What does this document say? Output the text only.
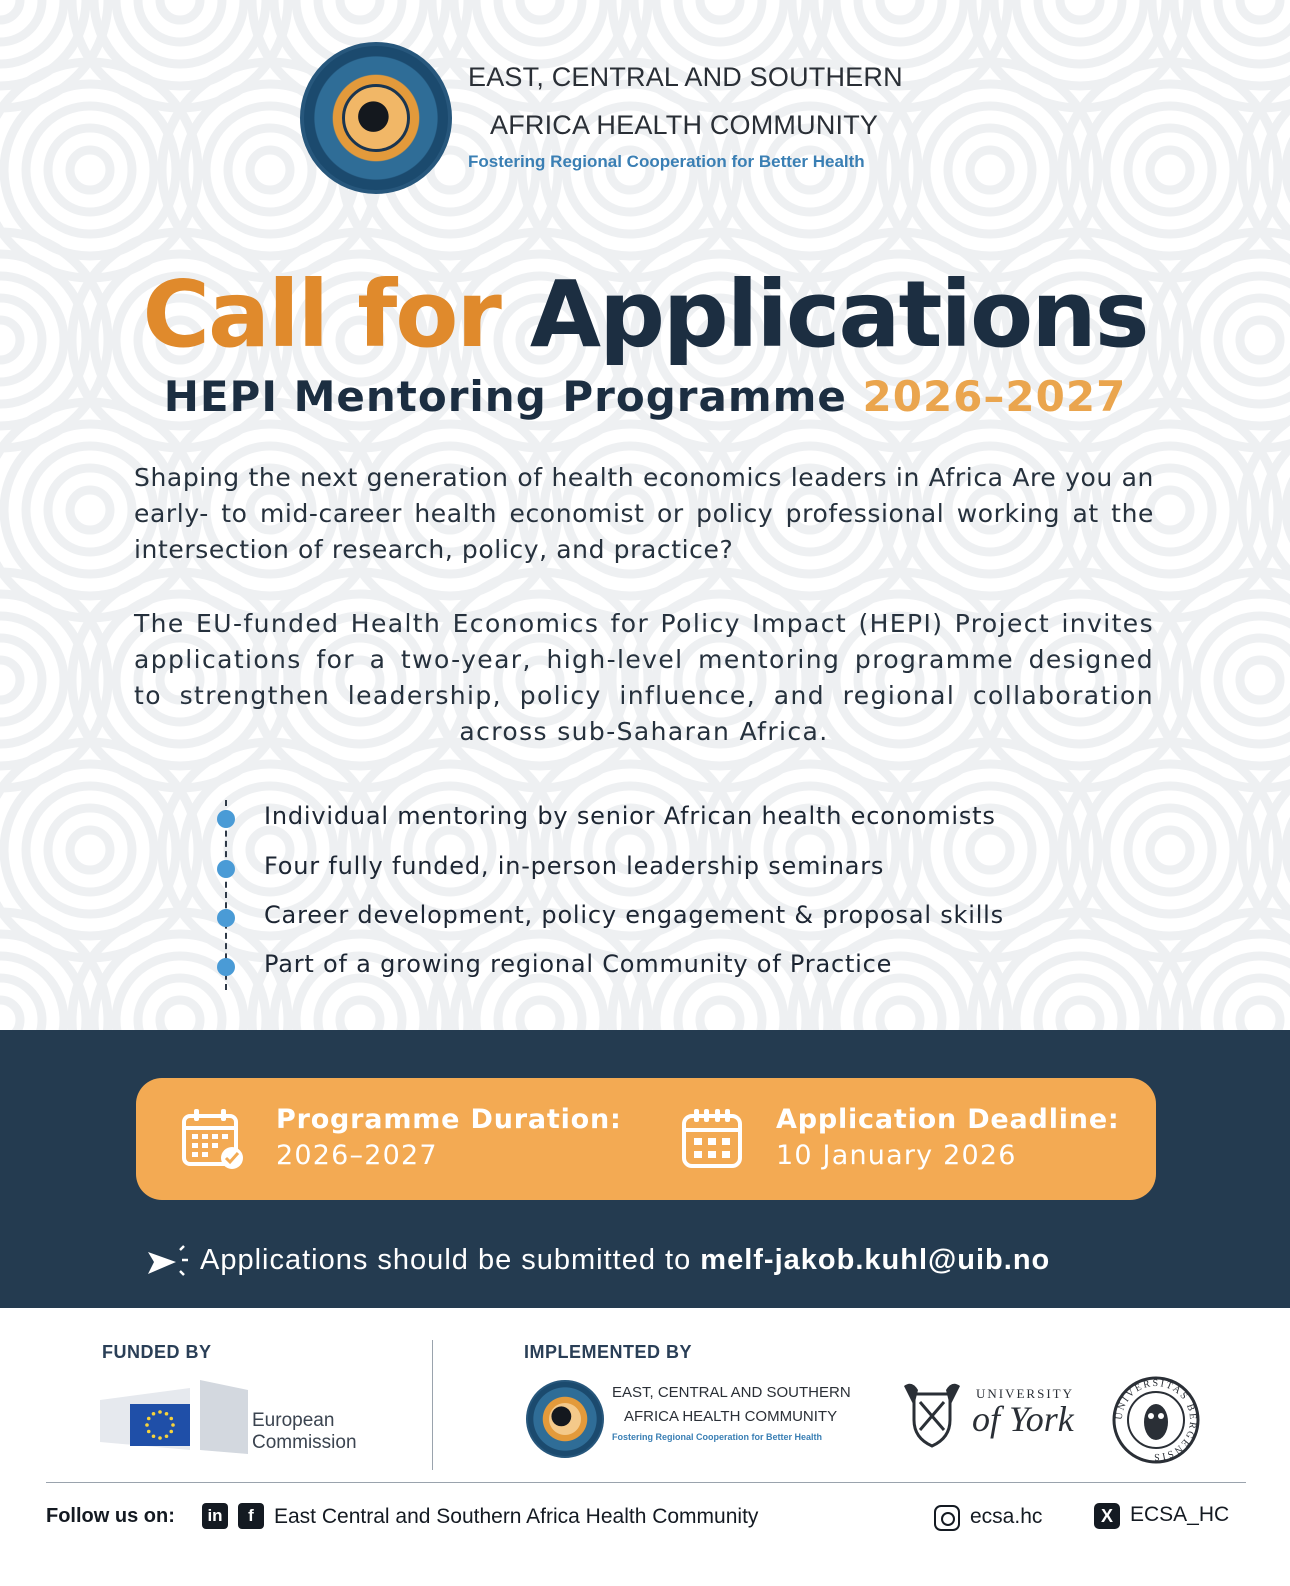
●
EAST, CENTRAL AND SOUTHERN
AFRICA HEALTH COMMUNITY
Fostering Regional Cooperation for Better Health
Call for Applications
HEPI Mentoring Programme 2026–2027

Shaping the next generation of health economics leaders in Africa Are you an early- to mid-career health economist or policy professional working at the intersection of research, policy, and practice?

The EU-funded Health Economics for Policy Impact (HEPI) Project invites applications for a two-year, high-level mentoring programme designed to strengthen leadership, policy influence, and regional collaboration across sub-Saharan Africa.

Individual mentoring by senior African health economists
Four fully funded, in-person leadership seminars
Career development, policy engagement & proposal skills
Part of a growing regional Community of Practice
Programme Duration:
2026–2027
Application Deadline:
10 January 2026
Applications should be submitted to melf-jakob.kuhl@uib.no
FUNDED BY
European Commission
IMPLEMENTED BY
●
EAST, CENTRAL AND SOUTHERN
AFRICA HEALTH COMMUNITY
Fostering Regional Cooperation for Better Health
UNIVERSITY
of York	UNIVERSITAS BERGENSIS
Follow us on:	in	f East Central and Southern Africa Health Community	ecsa.hc	X ECSA_HC
